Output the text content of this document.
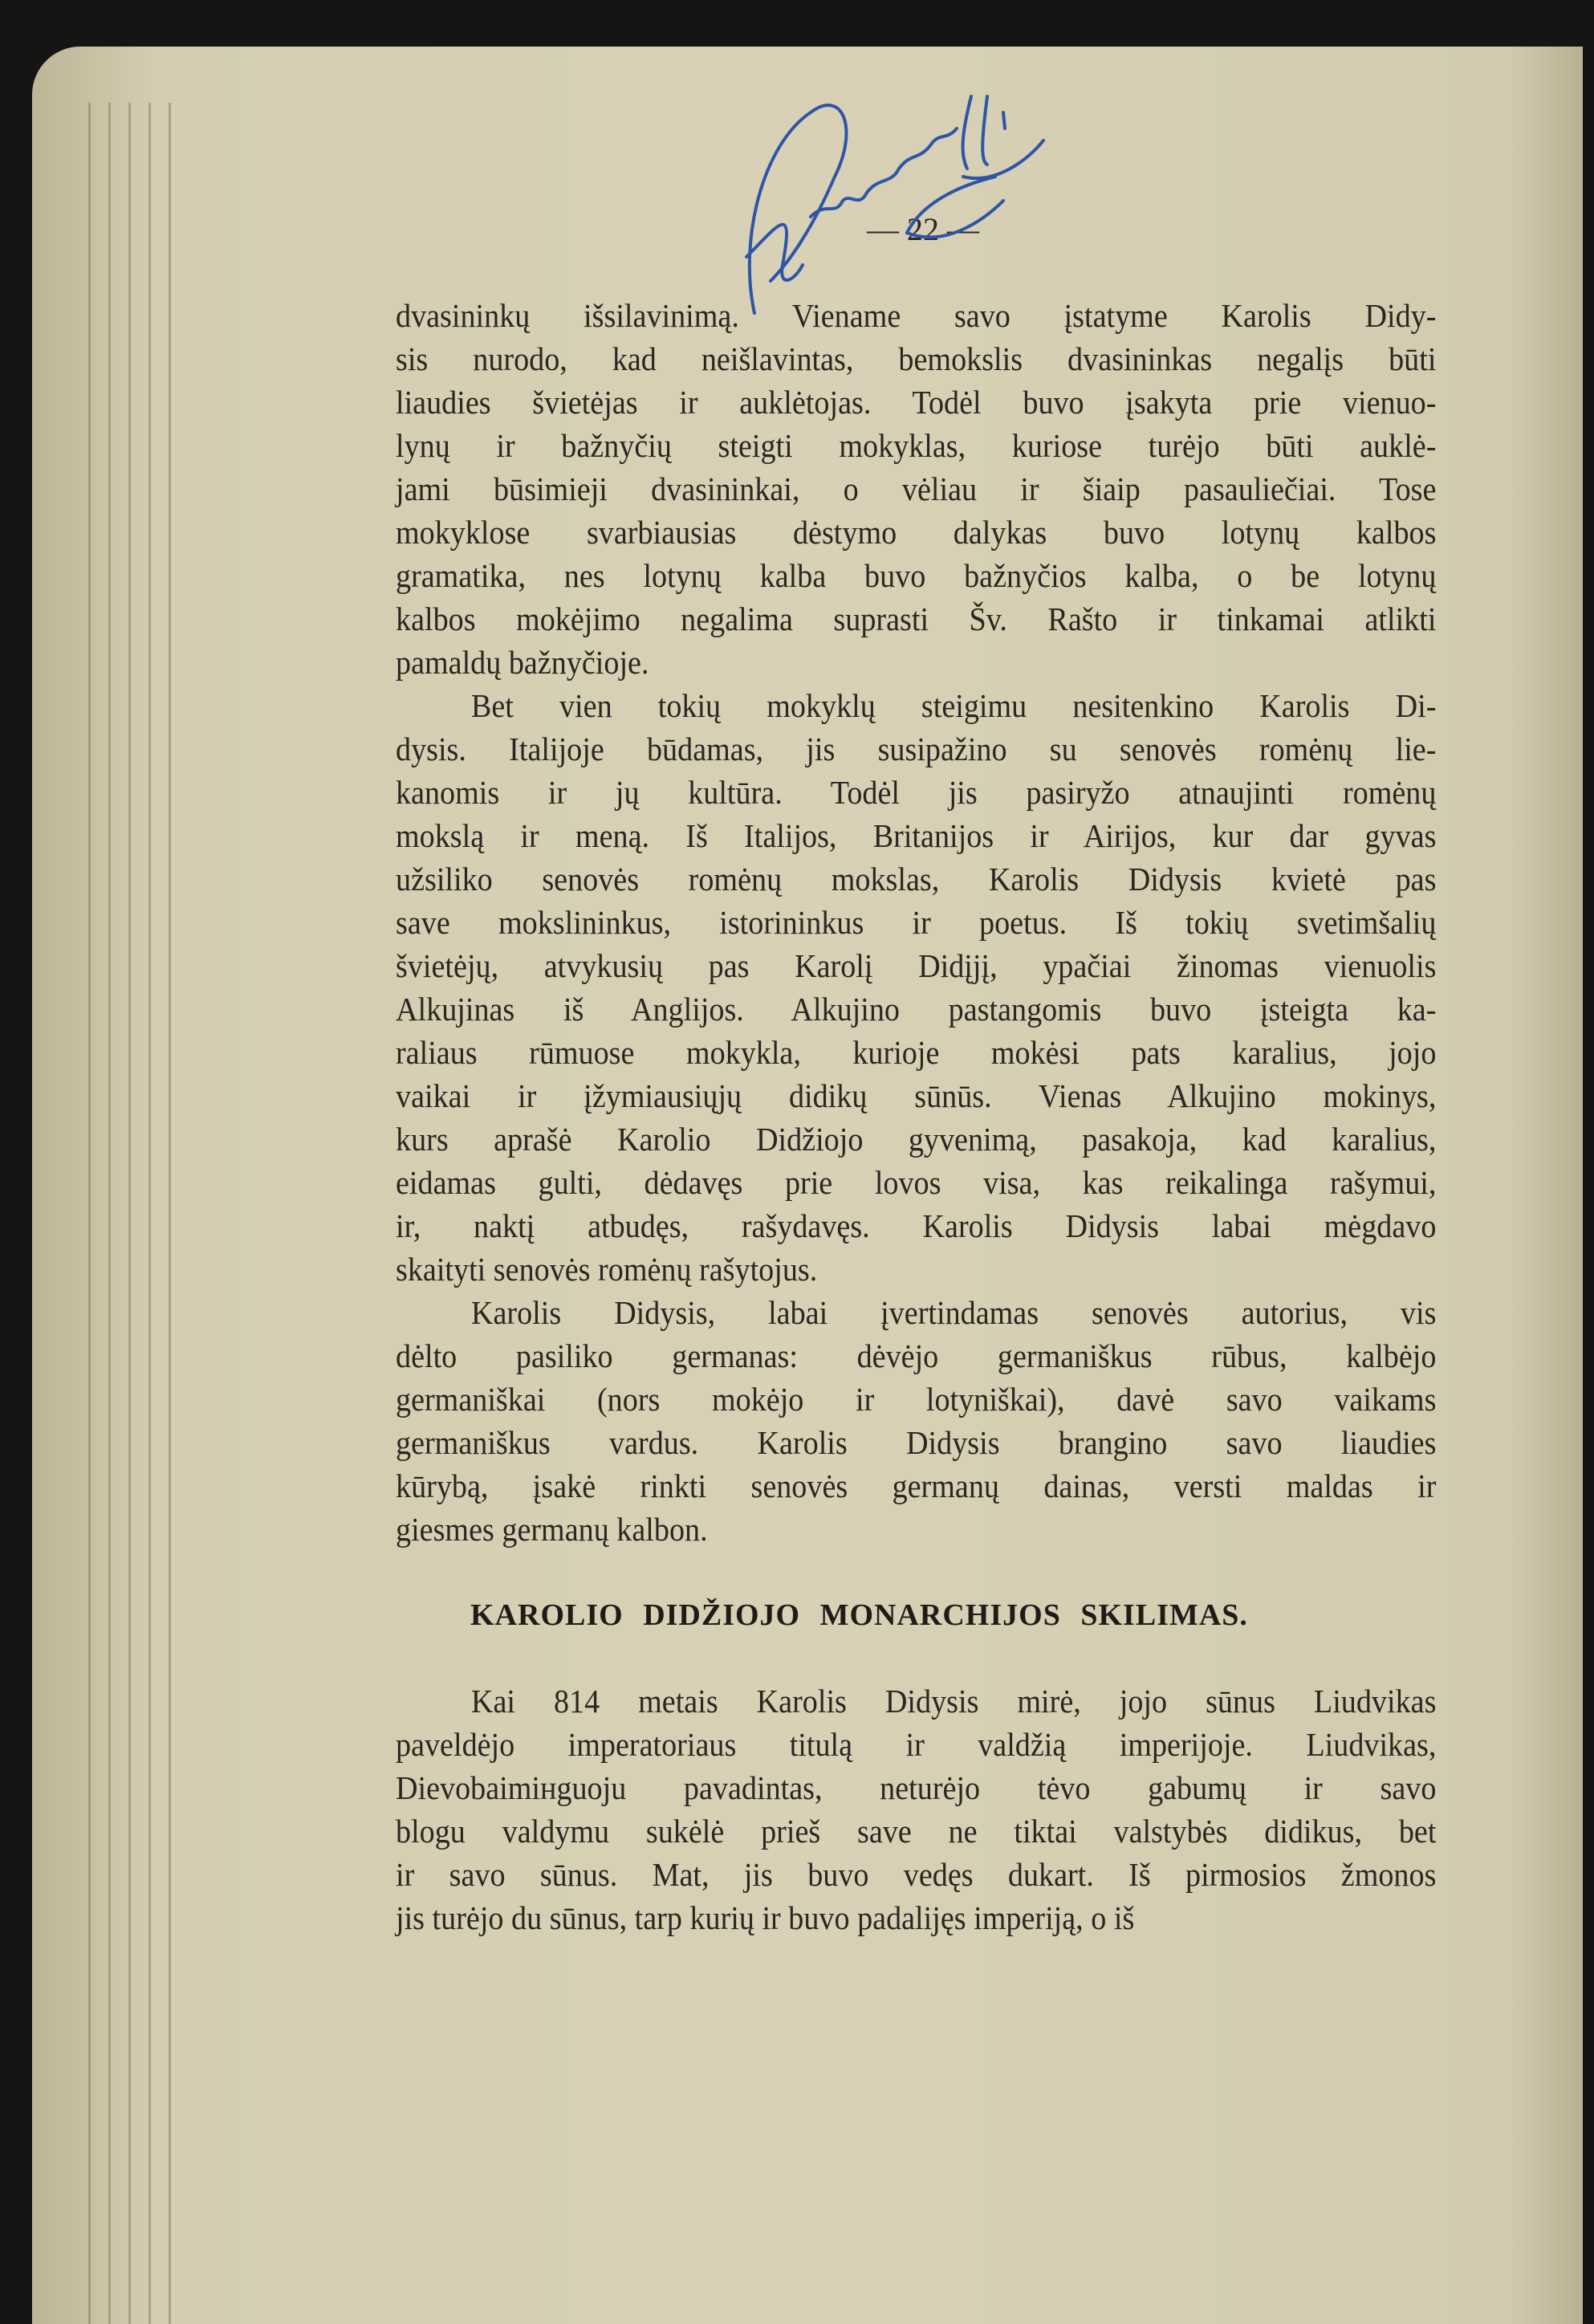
— 22 —
dvasininkų išsilavinimą. Viename savo įstatyme Karolis Didy-
sis nurodo, kad neišlavintas, bemokslis dvasininkas negalįs būti
liaudies švietėjas ir auklėtojas. Todėl buvo įsakyta prie vienuo-
lynų ir bažnyčių steigti mokyklas, kuriose turėjo būti auklė-
jami būsimieji dvasininkai, o vėliau ir šiaip pasauliečiai. Tose
mokyklose svarbiausias dėstymo dalykas buvo lotynų kalbos
gramatika, nes lotynų kalba buvo bažnyčios kalba, o be lotynų
kalbos mokėjimo negalima suprasti Šv. Rašto ir tinkamai atlikti
pamaldų bažnyčioje.
Bet vien tokių mokyklų steigimu nesitenkino Karolis Di-
dysis. Italijoje būdamas, jis susipažino su senovės romėnų lie-
kanomis ir jų kultūra. Todėl jis pasiryžo atnaujinti romėnų
mokslą ir meną. Iš Italijos, Britanijos ir Airijos, kur dar gyvas
užsiliko senovės romėnų mokslas, Karolis Didysis kvietė pas
save mokslininkus, istorininkus ir poetus. Iš tokių svetimšalių
švietėjų, atvykusių pas Karolį Didįjį, ypačiai žinomas vienuolis
Alkujinas iš Anglijos. Alkujino pastangomis buvo įsteigta ka-
raliaus rūmuose mokykla, kurioje mokėsi pats karalius, jojo
vaikai ir įžymiausiųjų didikų sūnūs. Vienas Alkujino mokinys,
kurs aprašė Karolio Didžiojo gyvenimą, pasakoja, kad karalius,
eidamas gulti, dėdavęs prie lovos visa, kas reikalinga rašymui,
ir, naktį atbudęs, rašydavęs. Karolis Didysis labai mėgdavo
skaityti senovės romėnų rašytojus.
Karolis Didysis, labai įvertindamas senovės autorius, vis
dėlto pasiliko germanas: dėvėjo germaniškus rūbus, kalbėjo
germaniškai (nors mokėjo ir lotyniškai), davė savo vaikams
germaniškus vardus. Karolis Didysis brangino savo liaudies
kūrybą, įsakė rinkti senovės germanų dainas, versti maldas ir
giesmes germanų kalbon.
KAROLIO DIDŽIOJO MONARCHIJOS SKILIMAS.
Kai 814 metais Karolis Didysis mirė, jojo sūnus Liudvikas
paveldėjo imperatoriaus titulą ir valdžią imperijoje. Liudvikas,
Dievobaimінguoju pavadintas, neturėjo tėvo gabumų ir savo
blogu valdymu sukėlė prieš save ne tiktai valstybės didikus, bet
ir savo sūnus. Mat, jis buvo vedęs dukart. Iš pirmosios žmonos
jis turėjo du sūnus, tarp kurių ir buvo padalijęs imperiją, o iš
